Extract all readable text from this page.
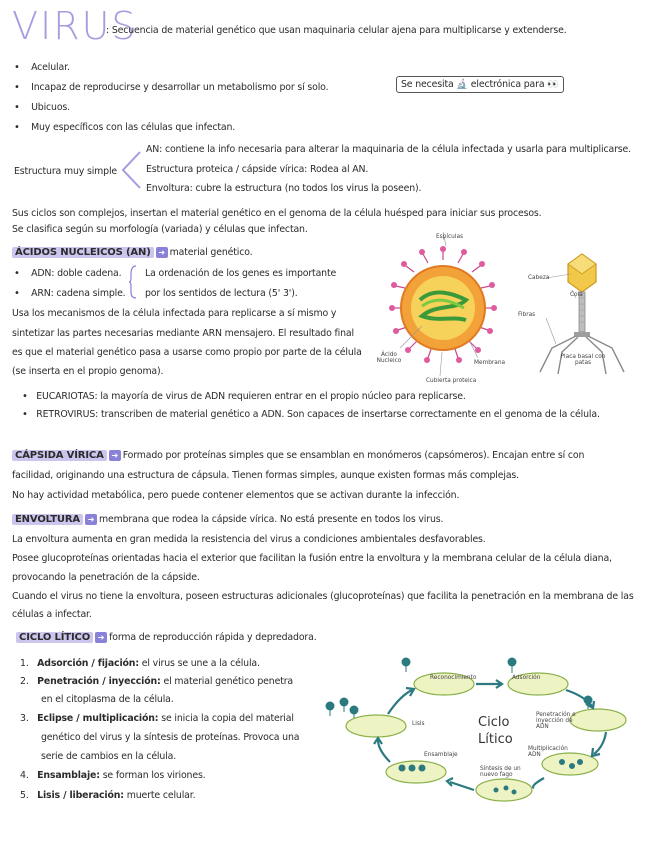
VIRUS
: Secuencia de material genético que usan maquinaria celular ajena para multiplicarse y extenderse.
• Acelular.
• Incapaz de reproducirse y desarrollar un metabolismo por sí solo.
• Ubicuos.
• Muy específicos con las células que infectan.
Se necesita 🔬 electrónica para 👀
Estructura muy simple
AN: contiene la info necesaria para alterar la maquinaria de la célula infectada y usarla para multiplicarse.
Estructura proteica / cápside vírica: Rodea al AN.
Envoltura: cubre la estructura (no todos los virus la poseen).
Sus ciclos son complejos, insertan el material genético en el genoma de la célula huésped para iniciar sus procesos.
Se clasifica según su morfología (variada) y células que infectan.
ÁCIDOS NUCLEICOS (AN) ➜ material genético.
• ADN: doble cadena.
• ARN: cadena simple.
La ordenación de los genes es importante
por los sentidos de lectura (5' 3').
Usa los mecanismos de la célula infectada para replicarse a sí mismo y
sintetizar las partes necesarias mediante ARN mensajero. El resultado final
es que el material genético pasa a usarse como propio por parte de la célula
(se inserta en el propio genoma).
• EUCARIOTAS: la mayoría de virus de ADN requieren entrar en el propio núcleo para replicarse.
• RETROVIRUS: transcriben de material genético a ADN. Son capaces de insertarse correctamente en el genoma de la célula.
Espículas
Ácido Nucleico	Membrana
Cubierta proteica
Cabeza
Cola
Fibras
Placa basal con patas
CÁPSIDA VÍRICA ➜ Formado por proteínas simples que se ensamblan en monómeros (capsómeros). Encajan entre sí con
facilidad, originando una estructura de cápsula. Tienen formas simples, aunque existen formas más complejas.
No hay actividad metabólica, pero puede contener elementos que se activan durante la infección.
ENVOLTURA ➜ membrana que rodea la cápside vírica. No está presente en todos los virus.
La envoltura aumenta en gran medida la resistencia del virus a condiciones ambientales desfavorables.
Posee glucoproteínas orientadas hacia el exterior que facilitan la fusión entre la envoltura y la membrana celular de la célula diana,
provocando la penetración de la cápside.
Cuando el virus no tiene la envoltura, poseen estructuras adicionales (glucoproteínas) que facilita la penetración en la membrana de las
células a infectar.
CICLO LÍTICO ➜ forma de reproducción rápida y depredadora.
1. Adsorción / fijación: el virus se une a la célula.
2. Penetración / inyección: el material genético penetra
en el citoplasma de la célula.
3. Eclipse / multiplicación: se inicia la copia del material
genético del virus y la síntesis de proteínas. Provoca una
serie de cambios en la célula.
4. Ensamblaje: se forman los viriones.
5. Lisis / liberación: muerte celular.
Ciclo
Lítico
Reconocimiento	Adsorción
Penetración e inyección de ADN
Multiplicación ADN
Síntesis de un nuevo fago
Ensamblaje
Lisis
